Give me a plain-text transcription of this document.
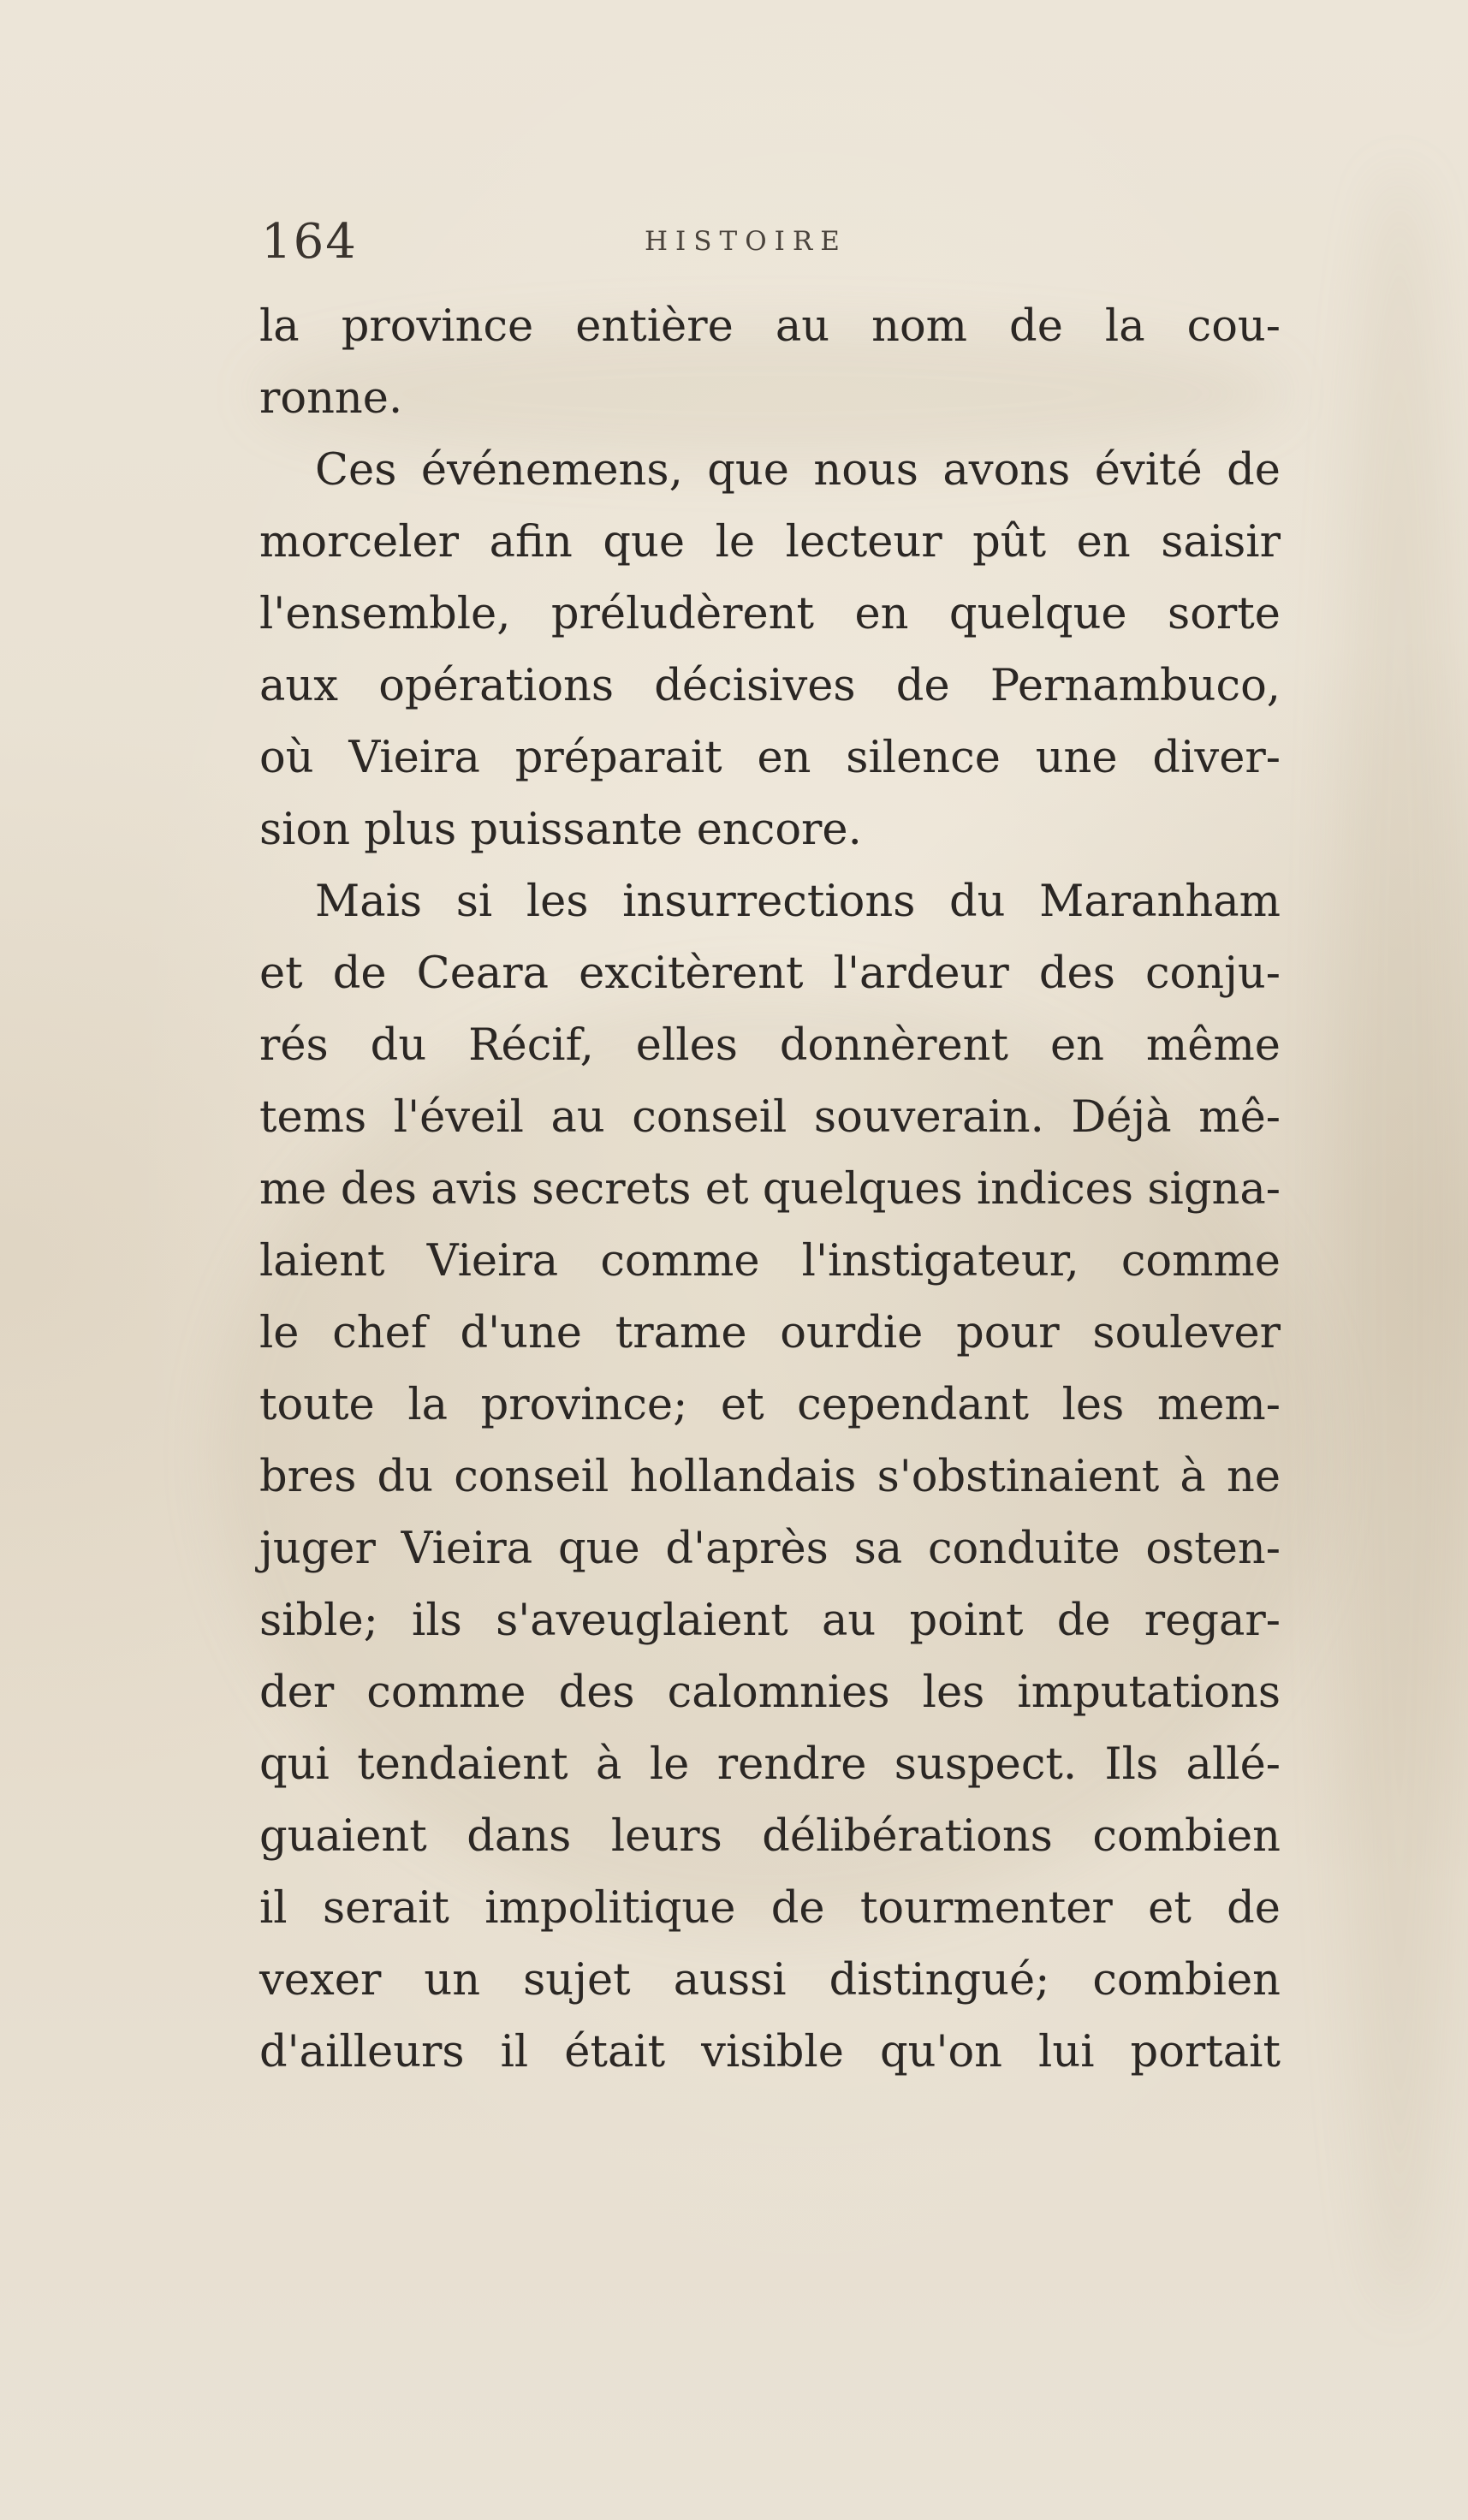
164	HISTOIRE
la province entière au nom de la cou-
ronne.
Ces événemens, que nous avons évité de
morceler afin que le lecteur pût en saisir
l'ensemble, préludèrent en quelque sorte
aux opérations décisives de Pernambuco,
où Vieira préparait en silence une diver-
sion plus puissante encore.
Mais si les insurrections du Maranham
et de Ceara excitèrent l'ardeur des conju-
rés du Récif, elles donnèrent en même
tems l'éveil au conseil souverain. Déjà mê-
me des avis secrets et quelques indices signa-
laient Vieira comme l'instigateur, comme
le chef d'une trame ourdie pour soulever
toute la province; et cependant les mem-
bres du conseil hollandais s'obstinaient à ne
juger Vieira que d'après sa conduite osten-
sible; ils s'aveuglaient au point de regar-
der comme des calomnies les imputations
qui tendaient à le rendre suspect. Ils allé-
guaient dans leurs délibérations combien
il serait impolitique de tourmenter et de
vexer un sujet aussi distingué; combien
d'ailleurs il était visible qu'on lui portait
